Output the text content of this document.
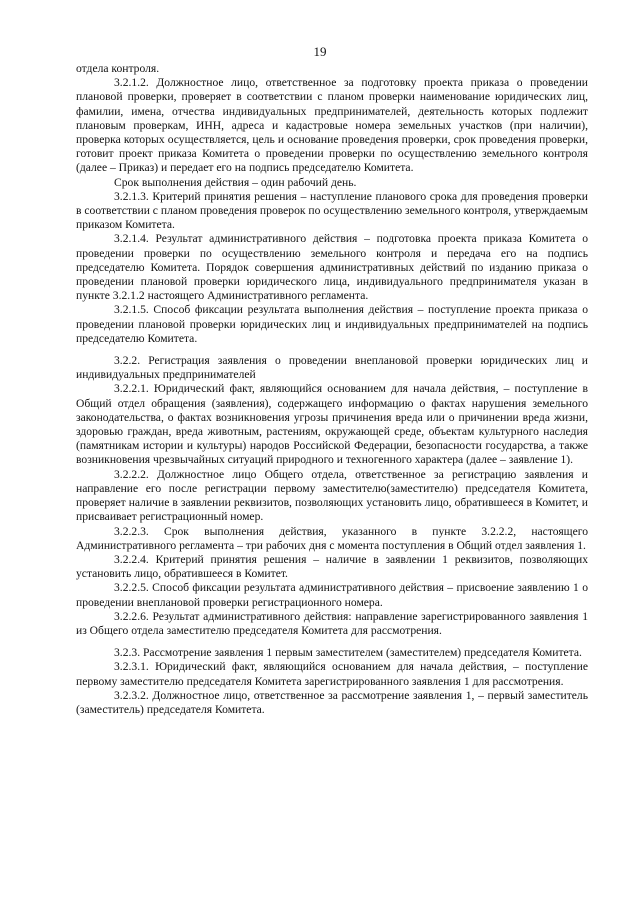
19

отдела контроля.

3.2.1.2. Должностное лицо, ответственное за подготовку проекта приказа о проведении плановой проверки, проверяет в соответствии с планом проверки наименование юридических лиц, фамилии, имена, отчества индивидуальных предпринимателей, деятельность которых подлежит плановым проверкам, ИНН, адреса и кадастровые номера земельных участков (при наличии), проверка которых осуществляется, цель и основание проведения проверки, срок проведения проверки, готовит проект приказа Комитета о проведении проверки по осуществлению земельного контроля (далее – Приказ) и передает его на подпись председателю Комитета.

Срок выполнения действия – один рабочий день.

3.2.1.3. Критерий принятия решения – наступление планового срока для проведения проверки в соответствии с планом проведения проверок по осуществлению земельного контроля, утверждаемым приказом Комитета.

3.2.1.4. Результат административного действия – подготовка проекта приказа Комитета о проведении проверки по осуществлению земельного контроля и передача его на подпись председателю Комитета. Порядок совершения административных действий по изданию приказа о проведении плановой проверки юридического лица, индивидуального предпринимателя указан в пункте 3.2.1.2 настоящего Административного регламента.

3.2.1.5. Способ фиксации результата выполнения действия – поступление проекта приказа о проведении плановой проверки юридических лиц и индивидуальных предпринимателей на подпись председателю Комитета.

3.2.2. Регистрация заявления о проведении внеплановой проверки юридических лиц и индивидуальных предпринимателей

3.2.2.1. Юридический факт, являющийся основанием для начала действия, – поступление в Общий отдел обращения (заявления), содержащего информацию о фактах нарушения земельного законодательства, о фактах возникновения угрозы причинения вреда или о причинении вреда жизни, здоровью граждан, вреда животным, растениям, окружающей среде, объектам культурного наследия (памятникам истории и культуры) народов Российской Федерации, безопасности государства, а также возникновения чрезвычайных ситуаций природного и техногенного характера (далее – заявление 1).

3.2.2.2. Должностное лицо Общего отдела, ответственное за регистрацию заявления и направление его после регистрации первому заместителю(заместителю) председателя Комитета, проверяет наличие в заявлении реквизитов, позволяющих установить лицо, обратившееся в Комитет, и присваивает регистрационный номер.

3.2.2.3. Срок выполнения действия, указанного в пункте 3.2.2.2, настоящего Административного регламента – три рабочих дня с момента поступления в Общий отдел заявления 1.

3.2.2.4. Критерий принятия решения – наличие в заявлении 1 реквизитов, позволяющих установить лицо, обратившееся в Комитет.

3.2.2.5. Способ фиксации результата административного действия – присвоение заявлению 1 о проведении внеплановой проверки регистрационного номера.

3.2.2.6. Результат административного действия: направление зарегистрированного заявления 1 из Общего отдела заместителю председателя Комитета для рассмотрения.

3.2.3. Рассмотрение заявления 1 первым заместителем (заместителем) председателя Комитета.

3.2.3.1. Юридический факт, являющийся основанием для начала действия, – поступление первому заместителю председателя Комитета зарегистрированного заявления 1 для рассмотрения.

3.2.3.2. Должностное лицо, ответственное за рассмотрение заявления 1, – первый заместитель (заместитель) председателя Комитета.
